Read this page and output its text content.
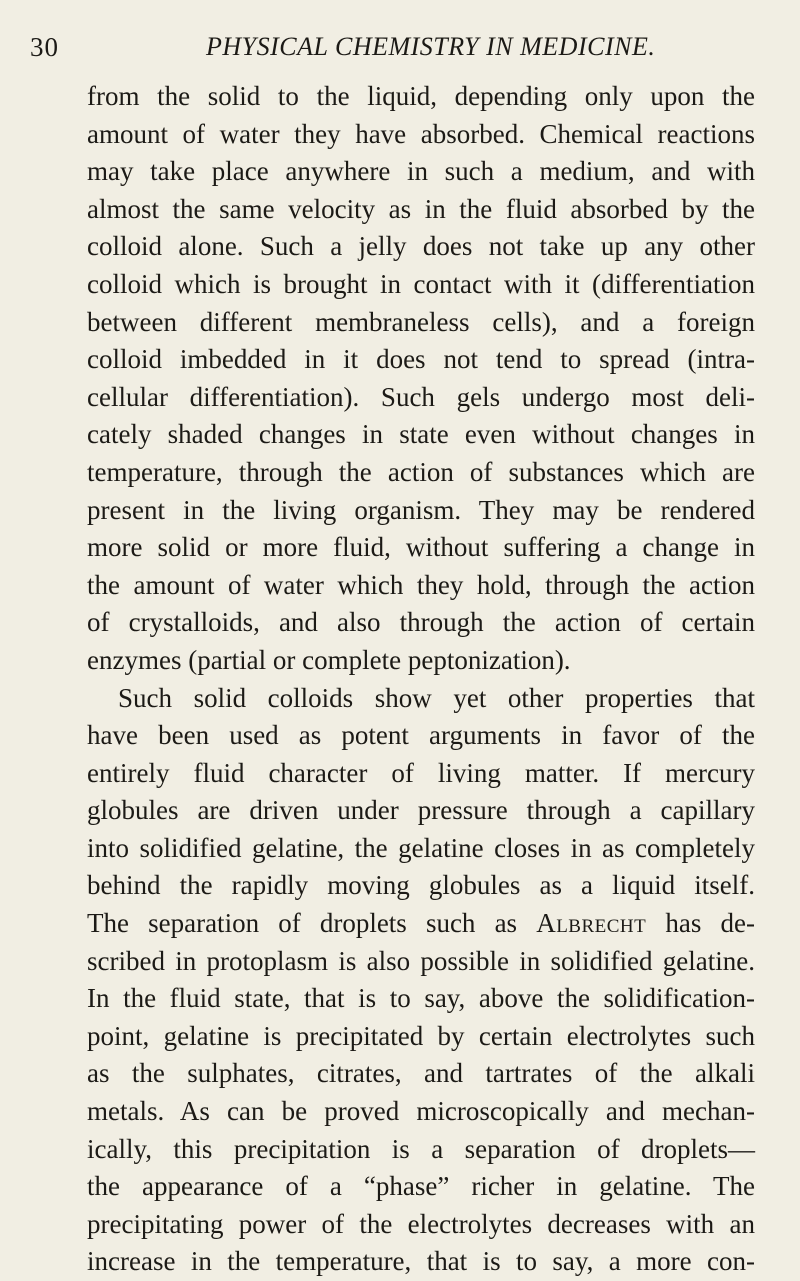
30	PHYSICAL CHEMISTRY IN MEDICINE.
from the solid to the liquid, depending only upon the
amount of water they have absorbed. Chemical reactions
may take place anywhere in such a medium, and with
almost the same velocity as in the fluid absorbed by the
colloid alone. Such a jelly does not take up any other
colloid which is brought in contact with it (differentiation
between different membraneless cells), and a foreign
colloid imbedded in it does not tend to spread (intra-
cellular differentiation). Such gels undergo most deli-
cately shaded changes in state even without changes in
temperature, through the action of substances which are
present in the living organism. They may be rendered
more solid or more fluid, without suffering a change in
the amount of water which they hold, through the action
of crystalloids, and also through the action of certain
enzymes (partial or complete peptonization).
Such solid colloids show yet other properties that
have been used as potent arguments in favor of the
entirely fluid character of living matter. If mercury
globules are driven under pressure through a capillary
into solidified gelatine, the gelatine closes in as completely
behind the rapidly moving globules as a liquid itself.
The separation of droplets such as Albrecht has de-
scribed in protoplasm is also possible in solidified gelatine.
In the fluid state, that is to say, above the solidification-
point, gelatine is precipitated by certain electrolytes such
as the sulphates, citrates, and tartrates of the alkali
metals. As can be proved microscopically and mechan-
ically, this precipitation is a separation of droplets—
the appearance of a “phase” richer in gelatine. The
precipitating power of the electrolytes decreases with an
increase in the temperature, that is to say, a more con-
